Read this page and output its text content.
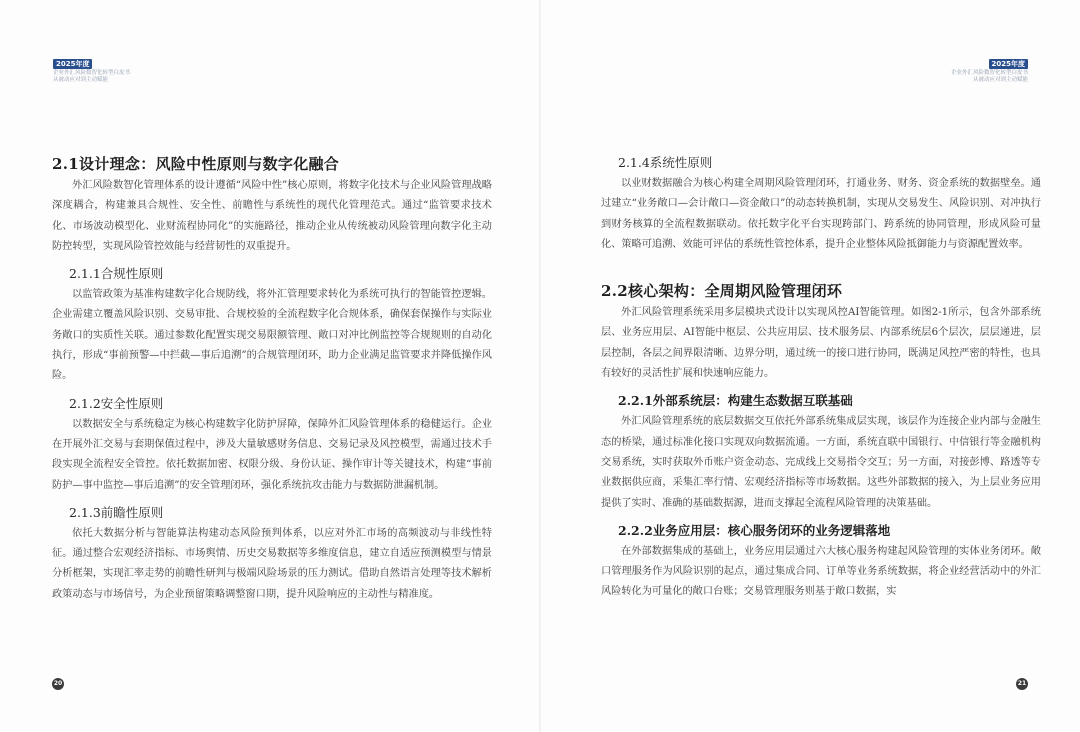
2025年度
企业外汇风险数智化转型白皮书
从被动应对到主动赋能
2.1设计理念：风险中性原则与数字化融合

外汇风险数智化管理体系的设计遵循“风险中性”核心原则，将数字化技术与企业风险管理战略深度耦合，构建兼具合规性、安全性、前瞻性与系统性的现代化管理范式。通过“监管要求技术化、市场波动模型化、业财流程协同化”的实施路径，推动企业从传统被动风险管理向数字化主动防控转型，实现风险管控效能与经营韧性的双重提升。

2.1.1合规性原则

以监管政策为基准构建数字化合规防线，将外汇管理要求转化为系统可执行的智能管控逻辑。企业需建立覆盖风险识别、交易审批、合规校验的全流程数字化合规体系，确保套保操作与实际业务敞口的实质性关联。通过参数化配置实现交易限额管理、敞口对冲比例监控等合规规则的自动化执行，形成“事前预警—中拦截—事后追溯”的合规管理闭环，助力企业满足监管要求并降低操作风险。

2.1.2安全性原则

以数据安全与系统稳定为核心构建数字化防护屏障，保障外汇风险管理体系的稳健运行。企业在开展外汇交易与套期保值过程中，涉及大量敏感财务信息、交易记录及风控模型，需通过技术手段实现全流程安全管控。依托数据加密、权限分级、身份认证、操作审计等关键技术，构建“事前防护—事中监控—事后追溯”的安全管理闭环，强化系统抗攻击能力与数据防泄漏机制。

2.1.3前瞻性原则

依托大数据分析与智能算法构建动态风险预判体系，以应对外汇市场的高频波动与非线性特征。通过整合宏观经济指标、市场舆情、历史交易数据等多维度信息，建立自适应预测模型与情景分析框架，实现汇率走势的前瞻性研判与极端风险场景的压力测试。借助自然语言处理等技术解析政策动态与市场信号，为企业预留策略调整窗口期，提升风险响应的主动性与精准度。

20
2025年度
企业外汇风险数智化转型白皮书
从被动应对到主动赋能
2.1.4系统性原则

以业财数据融合为核心构建全周期风险管理闭环，打通业务、财务、资金系统的数据壁垒。通过建立“业务敞口—会计敞口—资金敞口”的动态转换机制，实现从交易发生、风险识别、对冲执行到财务核算的全流程数据联动。依托数字化平台实现跨部门、跨系统的协同管理，形成风险可量化、策略可追溯、效能可评估的系统性管控体系，提升企业整体风险抵御能力与资源配置效率。

2.2核心架构：全周期风险管理闭环

外汇风险管理系统采用多层模块式设计以实现风控AI智能管理。如图2-1所示，包含外部系统层、业务应用层、AI智能中枢层、公共应用层、技术服务层、内部系统层6个层次，层层递进，层层控制，各层之间界限清晰、边界分明，通过统一的接口进行协同，既满足风控严密的特性，也具有较好的灵活性扩展和快速响应能力。

2.2.1外部系统层：构建生态数据互联基础

外汇风险管理系统的底层数据交互依托外部系统集成层实现，该层作为连接企业内部与金融生态的桥梁，通过标准化接口实现双向数据流通。一方面，系统直联中国银行、中信银行等金融机构交易系统，实时获取外币账户资金动态、完成线上交易指令交互；另一方面，对接彭博、路透等专业数据供应商，采集汇率行情、宏观经济指标等市场数据。这些外部数据的接入，为上层业务应用提供了实时、准确的基础数据源，进而支撑起全流程风险管理的决策基础。

2.2.2业务应用层：核心服务闭环的业务逻辑落地

在外部数据集成的基础上，业务应用层通过六大核心服务构建起风险管理的实体业务闭环。敞口管理服务作为风险识别的起点，通过集成合同、订单等业务系统数据，将企业经营活动中的外汇风险转化为可量化的敞口台账；交易管理服务则基于敞口数据，实

21
